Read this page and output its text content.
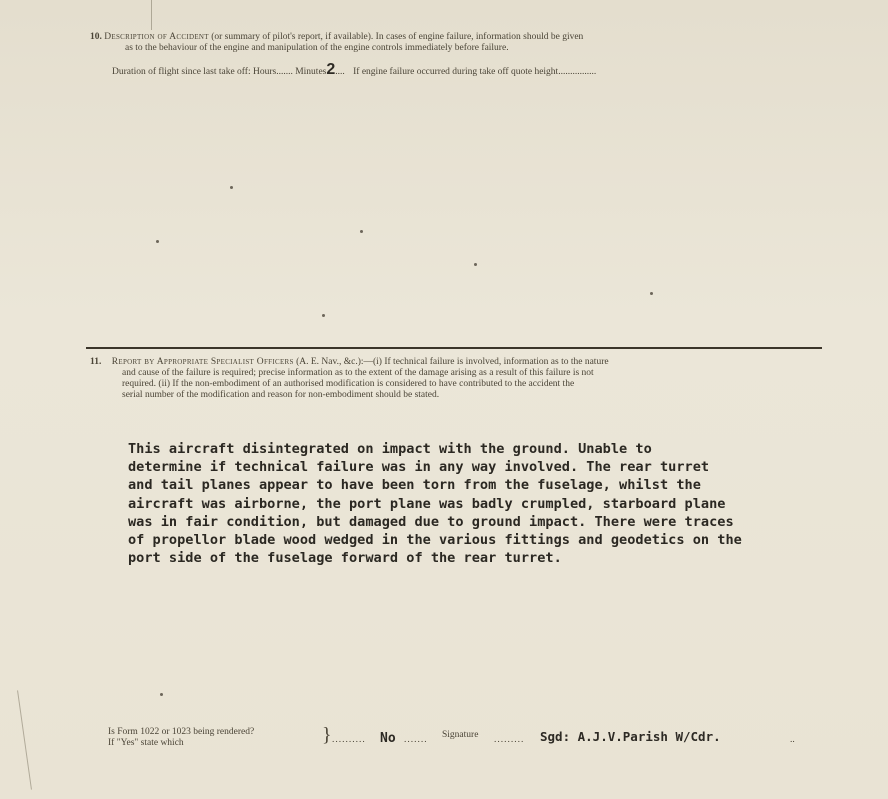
10. Description of Accident (or summary of pilot's report, if available). In cases of engine failure, information should be given
as to the behaviour of the engine and manipulation of the engine controls immediately before failure.
Duration of flight since last take off: Hours....... Minutes2.... If engine failure occurred during take off quote height................
11. Report by Appropriate Specialist Officers (A. E. Nav., &c.):—(i) If technical failure is involved, information as to the nature
and cause of the failure is required; precise information as to the extent of the damage arising as a result of this failure is not
required. (ii) If the non-embodiment of an authorised modification is considered to have contributed to the accident the
serial number of the modification and reason for non-embodiment should be stated.
This aircraft disintegrated on impact with the ground. Unable to
determine if technical failure was in any way involved. The rear turret
and tail planes appear to have been torn from the fuselage, whilst the
aircraft was airborne, the port plane was badly crumpled, starboard plane
was in fair condition, but damaged due to ground impact. There were traces
of propellor blade wood wedged in the various fittings and geodetics on the
port side of the fuselage forward of the rear turret.
Is Form 1022 or 1023 being rendered?
If "Yes" state which	} .......... No ....... Signature ......... Sgd: A.J.V.Parish W/Cdr.	..
